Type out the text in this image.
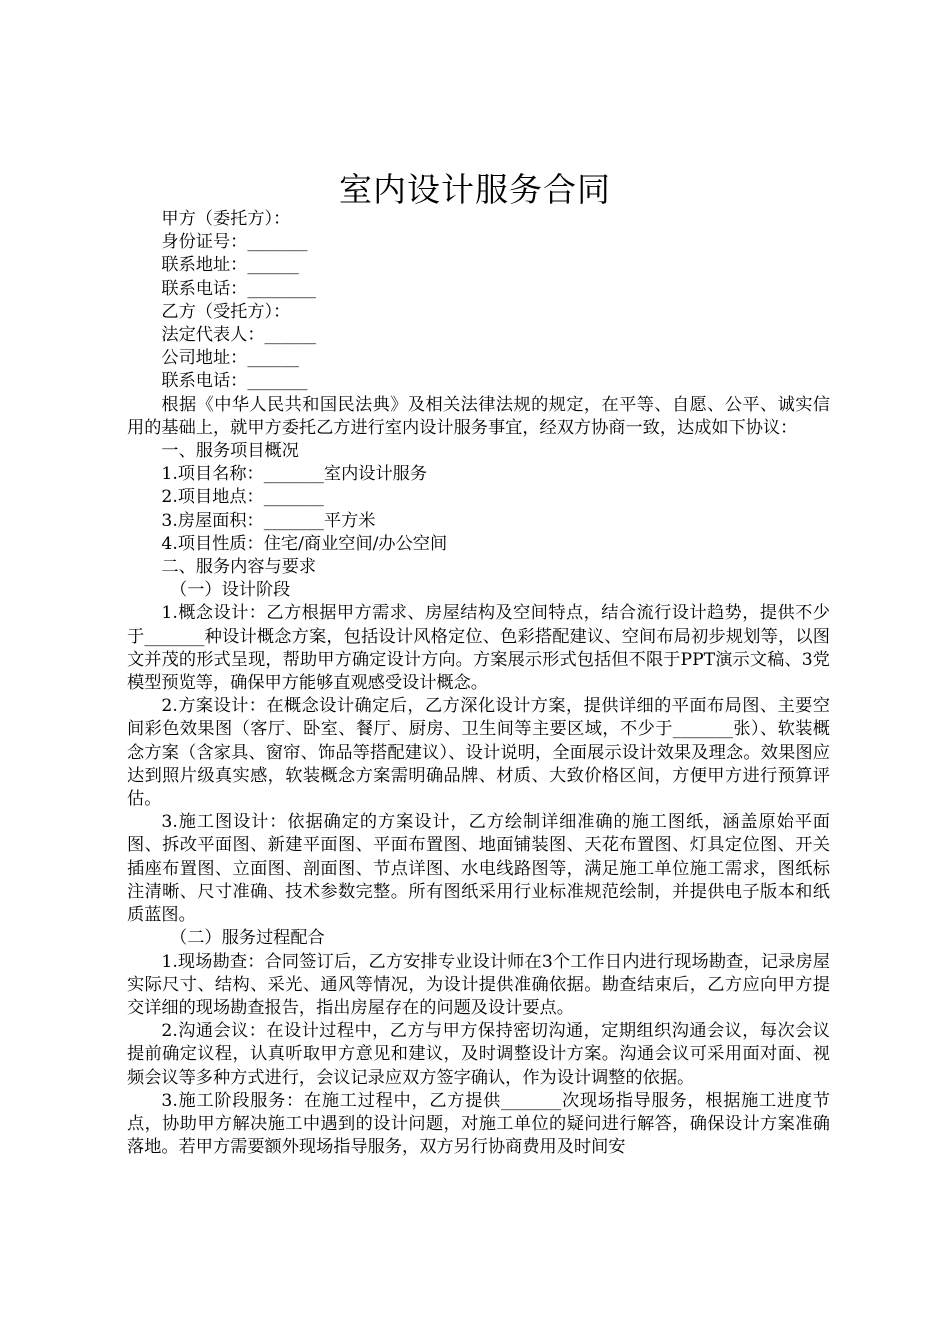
室内设计服务合同

甲方（委托方）：

身份证号：_______

联系地址：______

联系电话：________

乙方（受托方）：

法定代表人：______

公司地址：______

联系电话：_______

根据《中华人民共和国民法典》及相关法律法规的规定，在平等、自愿、公平、诚实信用的基础上，就甲方委托乙方进行室内设计服务事宜，经双方协商一致，达成如下协议：

一、服务项目概况

1.项目名称：_______室内设计服务

2.项目地点：_______

3.房屋面积：_______平方米

4.项目性质：住宅/商业空间/办公空间

二、服务内容与要求

（一）设计阶段

1.概念设计：乙方根据甲方需求、房屋结构及空间特点，结合流行设计趋势，提供不少于_______种设计概念方案，包括设计风格定位、色彩搭配建议、空间布局初步规划等，以图文并茂的形式呈现，帮助甲方确定设计方向。方案展示形式包括但不限于PPT演示文稿、3党模型预览等，确保甲方能够直观感受设计概念。

2.方案设计：在概念设计确定后，乙方深化设计方案，提供详细的平面布局图、主要空间彩色效果图（客厅、卧室、餐厅、厨房、卫生间等主要区域，不少于_______张）、软装概念方案（含家具、窗帘、饰品等搭配建议）、设计说明，全面展示设计效果及理念。效果图应达到照片级真实感，软装概念方案需明确品牌、材质、大致价格区间，方便甲方进行预算评估。

3.施工图设计：依据确定的方案设计，乙方绘制详细准确的施工图纸，涵盖原始平面图、拆改平面图、新建平面图、平面布置图、地面铺装图、天花布置图、灯具定位图、开关插座布置图、立面图、剖面图、节点详图、水电线路图等，满足施工单位施工需求，图纸标注清晰、尺寸准确、技术参数完整。所有图纸采用行业标准规范绘制，并提供电子版本和纸质蓝图。

（二）服务过程配合

1.现场勘查：合同签订后，乙方安排专业设计师在3个工作日内进行现场勘查，记录房屋实际尺寸、结构、采光、通风等情况，为设计提供准确依据。勘查结束后，乙方应向甲方提交详细的现场勘查报告，指出房屋存在的问题及设计要点。

2.沟通会议：在设计过程中，乙方与甲方保持密切沟通，定期组织沟通会议，每次会议提前确定议程，认真听取甲方意见和建议，及时调整设计方案。沟通会议可采用面对面、视频会议等多种方式进行，会议记录应双方签字确认，作为设计调整的依据。

3.施工阶段服务：在施工过程中，乙方提供_______次现场指导服务，根据施工进度节点，协助甲方解决施工中遇到的设计问题，对施工单位的疑问进行解答，确保设计方案准确落地。若甲方需要额外现场指导服务，双方另行协商费用及时间安
